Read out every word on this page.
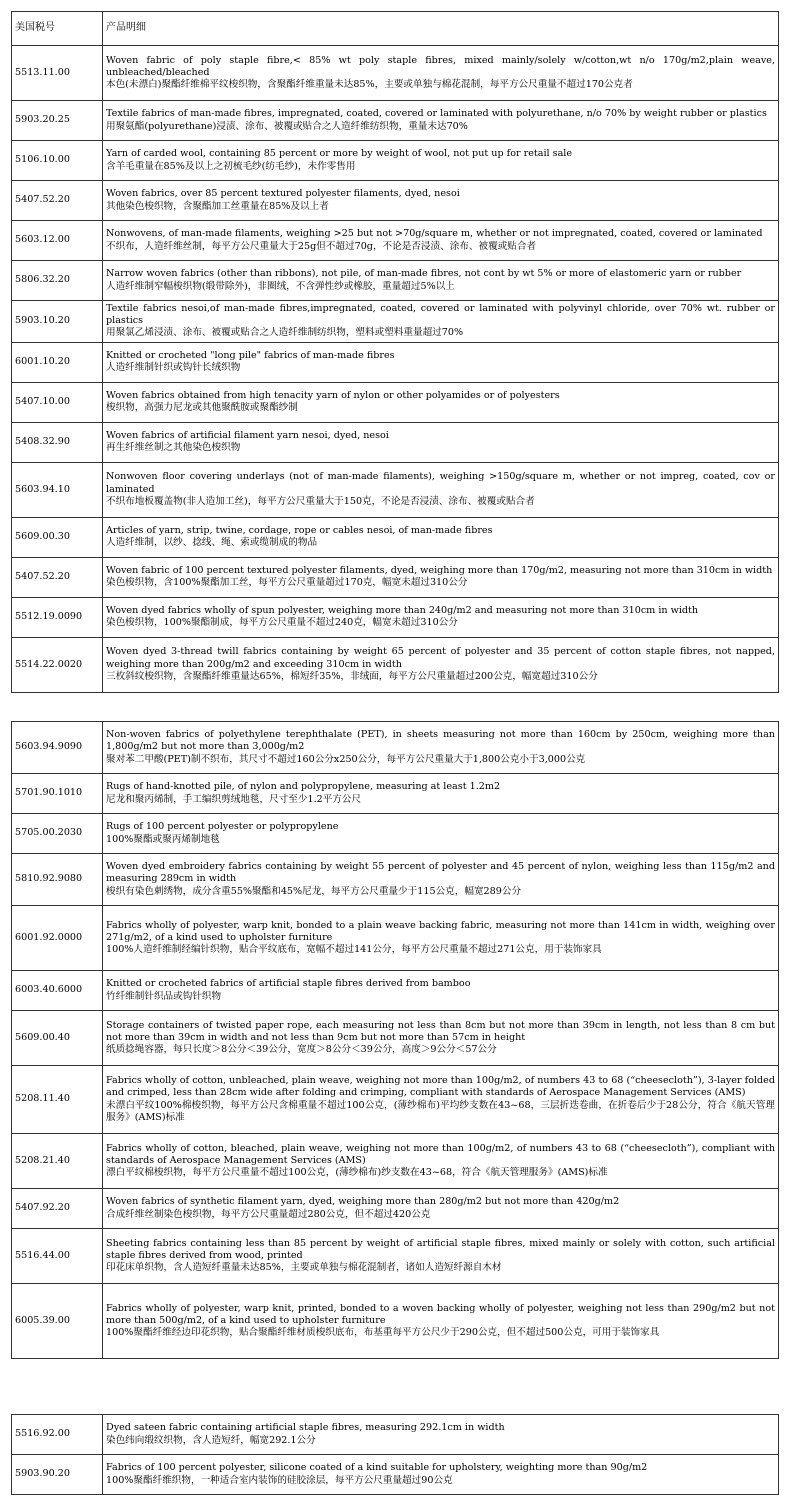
美国税号	产品明细
5513.11.00	Woven fabric of poly staple fibre,< 85% wt poly staple fibres, mixed mainly/solely w/cotton,wt n/o 170g/m2,plain weave, unbleached/bleached
本色(未漂白)聚酯纤维棉平纹梭织物，含聚酯纤维重量未达85%，主要或单独与棉花混制，每平方公尺重量不超过170公克者

5903.20.25	Textile fabrics of man-made fibres, impregnated, coated, covered or laminated with polyurethane, n/o 70% by weight rubber or plastics
用聚氨酯(polyurethane)浸渍、涂布、被覆或贴合之人造纤维纺织物，重量未达70%

5106.10.00	Yarn of carded wool, containing 85 percent or more by weight of wool, not put up for retail sale
含羊毛重量在85%及以上之初梳毛纱(纺毛纱)，未作零售用

5407.52.20	Woven fabrics, over 85 percent textured polyester filaments, dyed, nesoi
其他染色梭织物，含聚酯加工丝重量在85%及以上者

5603.12.00	Nonwovens, of man-made filaments, weighing >25 but not >70g/square m, whether or not impregnated, coated, covered or laminated
不织布，人造纤维丝制，每平方公尺重量大于25g但不超过70g，不论是否浸渍、涂布、被覆或贴合者

5806.32.20	Narrow woven fabrics (other than ribbons), not pile, of man-made fibres, not cont by wt 5% or more of elastomeric yarn or rubber
人造纤维制窄幅梭织物(缎带除外)，非圈绒，不含弹性纱或橡胶，重量超过5%以上

5903.10.20	Textile fabrics nesoi,of man-made fibres,impregnated, coated, covered or laminated with polyvinyl chloride, over 70% wt. rubber or plastics
用聚氯乙烯浸渍、涂布、被覆或贴合之人造纤维制纺织物，塑料或塑料重量超过70%

6001.10.20	Knitted or crocheted "long pile" fabrics of man-made fibres
人造纤维制针织或钩针长绒织物

5407.10.00	Woven fabrics obtained from high tenacity yarn of nylon or other polyamides or of polyesters
梭织物，高强力尼龙或其他聚酰胺或聚酯纱制

5408.32.90	Woven fabrics of artificial filament yarn nesoi, dyed, nesoi
再生纤维丝制之其他染色梭织物

5603.94.10	Nonwoven floor covering underlays (not of man-made filaments), weighing >150g/square m, whether or not impreg, coated, cov or laminated
不织布地板覆盖物(非人造加工丝)，每平方公尺重量大于150克，不论是否浸渍、涂布、被覆或贴合者

5609.00.30	Articles of yarn, strip, twine, cordage, rope or cables nesoi, of man-made fibres
人造纤维制，以纱、捻线、绳、索或缆制成的物品

5407.52.20	Woven fabric of 100 percent textured polyester filaments, dyed, weighing more than 170g/m2, measuring not more than 310cm in width
染色梭织物，含100%聚酯加工丝，每平方公尺重量超过170克，幅宽未超过310公分

5512.19.0090	Woven dyed fabrics wholly of spun polyester, weighing more than 240g/m2 and measuring not more than 310cm in width
染色梭织物，100%聚酯制成，每平方公尺重量不超过240克，幅宽未超过310公分

5514.22.0020	Woven dyed 3-thread twill fabrics containing by weight 65 percent of polyester and 35 percent of cotton staple fibres, not napped, weighing more than 200g/m2 and exceeding 310cm in width
三枚斜纹梭织物，含聚酯纤维重量达65%，棉短纤35%，非绒面，每平方公尺重量超过200公克，幅宽超过310公分
5603.94.9090	Non-woven fabrics of polyethylene terephthalate (PET), in sheets measuring not more than 160cm by 250cm, weighing more than 1,800g/m2 but not more than 3,000g/m2
聚对苯二甲酸(PET)制不织布，其尺寸不超过160公分x250公分，每平方公尺重量大于1,800公克小于3,000公克

5701.90.1010	Rugs of hand-knotted pile, of nylon and polypropylene, measuring at least 1.2m2
尼龙和聚丙烯制，手工编织剪绒地毯，尺寸至少1.2平方公尺

5705.00.2030	Rugs of 100 percent polyester or polypropylene
100%聚酯或聚丙烯制地毯

5810.92.9080	Woven dyed embroidery fabrics containing by weight 55 percent of polyester and 45 percent of nylon, weighing less than 115g/m2 and measuring 289cm in width
梭织有染色刺绣物，成分含重55%聚酯和45%尼龙，每平方公尺重量少于115公克，幅宽289公分

6001.92.0000	Fabrics wholly of polyester, warp knit, bonded to a plain weave backing fabric, measuring not more than 141cm in width, weighing over 271g/m2, of a kind used to upholster furniture
100%人造纤维制经编针织物，贴合平纹底布，宽幅不超过141公分，每平方公尺重量不超过271公克，用于装饰家具

6003.40.6000	Knitted or crocheted fabrics of artificial staple fibres derived from bamboo
竹纤维制针织品或钩针织物

5609.00.40	Storage containers of twisted paper rope, each measuring not less than 8cm but not more than 39cm in length, not less than 8 cm but not more than 39cm in width and not less than 9cm but not more than 57cm in height
纸质捻绳容器，每只长度＞8公分＜39公分，宽度＞8公分＜39公分，高度＞9公分＜57公分

5208.11.40	Fabrics wholly of cotton, unbleached, plain weave, weighing not more than 100g/m2, of numbers 43 to 68 (“cheesecloth”), 3-layer folded and crimped, less than 28cm wide after folding and crimping, compliant with standards of Aerospace Management Services (AMS)
未漂白平纹100%棉梭织物，每平方公尺含棉重量不超过100公克，(薄纱棉布)平均纱支数在43~68，三层折迭卷曲，在折卷后少于28公分，符合《航天管理服务》(AMS)标准

5208.21.40	Fabrics wholly of cotton, bleached, plain weave, weighing not more than 100g/m2, of numbers 43 to 68 (“cheesecloth”), compliant with standards of Aerospace Management Services (AMS)
漂白平纹棉梭织物，每平方公尺重量不超过100公克，(薄纱棉布)纱支数在43~68，符合《航天管理服务》(AMS)标准

5407.92.20	Woven fabrics of synthetic filament yarn, dyed, weighing more than 280g/m2 but not more than 420g/m2
合成纤维丝制染色梭织物，每平方公尺重量超过280公克，但不超过420公克

5516.44.00	Sheeting fabrics containing less than 85 percent by weight of artificial staple fibres, mixed mainly or solely with cotton, such artificial staple fibres derived from wood, printed
印花床单织物，含人造短纤重量未达85%，主要或单独与棉花混制者，诸如人造短纤源自木材

6005.39.00	Fabrics wholly of polyester, warp knit, printed, bonded to a woven backing wholly of polyester, weighing not less than 290g/m2 but not more than 500g/m2, of a kind used to upholster furniture
100%聚酯纤维经边印花织物，贴合聚酯纤维材质梭织底布，布基重每平方公尺少于290公克，但不超过500公克，可用于装饰家具
5516.92.00	Dyed sateen fabric containing artificial staple fibres, measuring 292.1cm in width
染色纬向缎纹织物，含人造短纤，幅宽292.1公分

5903.90.20	Fabrics of 100 percent polyester, silicone coated of a kind suitable for upholstery, weighting more than 90g/m2
100%聚酯纤维织物，一种适合室内装饰的硅胶涂层，每平方公尺重量超过90公克
